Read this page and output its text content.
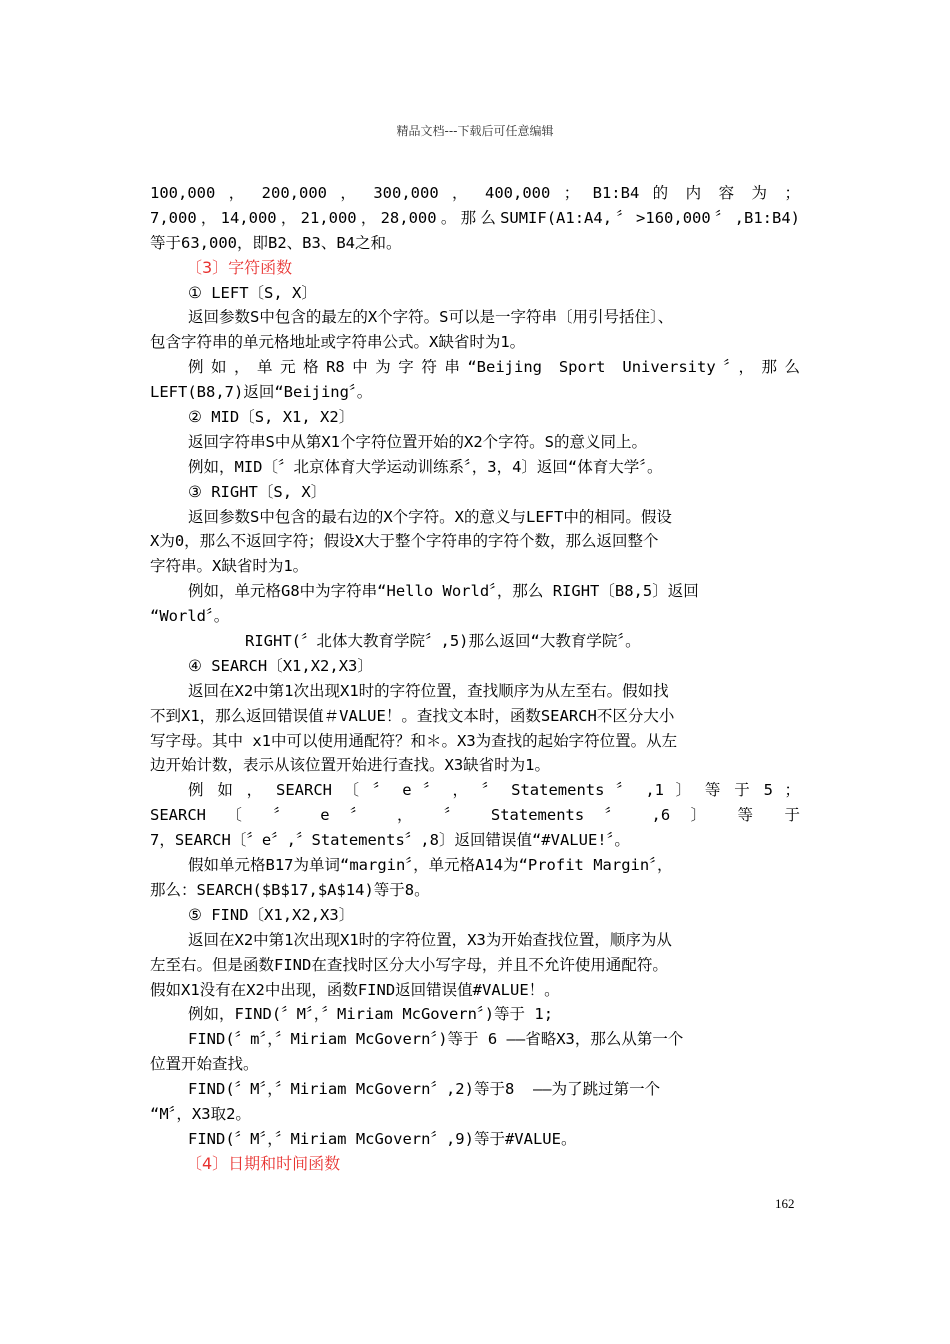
精品文档---下载后可任意编辑
100,000 ， 200,000 ， 300,000 ， 400,000 ； B1:B4 的 内 容 为 ；
7,000，14,000，21,000，28,000。那么SUMIF(A1:A4,〞>160,000〞,B1:B4)
等于63,000，即B2、B3、B4之和。
〔3〕字符函数
① LEFT〔S, X〕
返回参数S中包含的最左的X个字符。S可以是一字符串〔用引号括住〕、
包含字符串的单元格地址或字符串公式。X缺省时为1。
例如，单元格R8中为字符串“Beijing Sport University〞，那么
LEFT(B8,7)返回“Beijing〞。
② MID〔S, X1, X2〕
返回字符串S中从第X1个字符位置开始的X2个字符。S的意义同上。
例如，MID〔〞北京体育大学运动训练系〞，3，4〕返回“体育大学〞。
③ RIGHT〔S, X〕
返回参数S中包含的最右边的X个字符。X的意义与LEFT中的相同。假设
X为0，那么不返回字符；假设X大于整个字符串的字符个数，那么返回整个
字符串。X缺省时为1。
例如，单元格G8中为字符串“Hello World〞，那么 RIGHT〔B8,5〕返回
“World〞。
RIGHT(〞北体大教育学院〞,5)那么返回“大教育学院〞。
④ SEARCH〔X1,X2,X3〕
返回在X2中第1次出现X1时的字符位置，查找顺序为从左至右。假如找
不到X1，那么返回错误值＃VALUE！。查找文本时，函数SEARCH不区分大小
写字母。其中 x1中可以使用通配符？和＊。X3为查找的起始字符位置。从左
边开始计数，表示从该位置开始进行查找。X3缺省时为1。
例 如 ， SEARCH 〔 〞 e 〞 ， 〞 Statements 〞 ,1 〕 等 于 5 ；
SEARCH 〔 〞 e 〞 ， 〞 Statements 〞 ,6 〕 等 于
7，SEARCH〔〞e〞,〞Statements〞,8〕返回错误值“#VALUE!〞。
假如单元格B17为单词“margin〞，单元格A14为“Profit Margin〞，
那么：SEARCH($B$17,$A$14)等于8。
⑤ FIND〔X1,X2,X3〕
返回在X2中第1次出现X1时的字符位置，X3为开始查找位置，顺序为从
左至右。但是函数FIND在查找时区分大小写字母，并且不允许使用通配符。
假如X1没有在X2中出现，函数FIND返回错误值#VALUE！。
例如，FIND(〞M〞，〞Miriam McGovern〞)等于 1;
FIND(〞m〞，〞Miriam McGovern〞)等于 6 ——省略X3，那么从第一个
位置开始查找。
FIND(〞M〞，〞Miriam McGovern〞,2)等于8  ——为了跳过第一个
“M〞，X3取2。
FIND(〞M〞，〞Miriam McGovern〞,9)等于#VALUE。
〔4〕日期和时间函数
162
